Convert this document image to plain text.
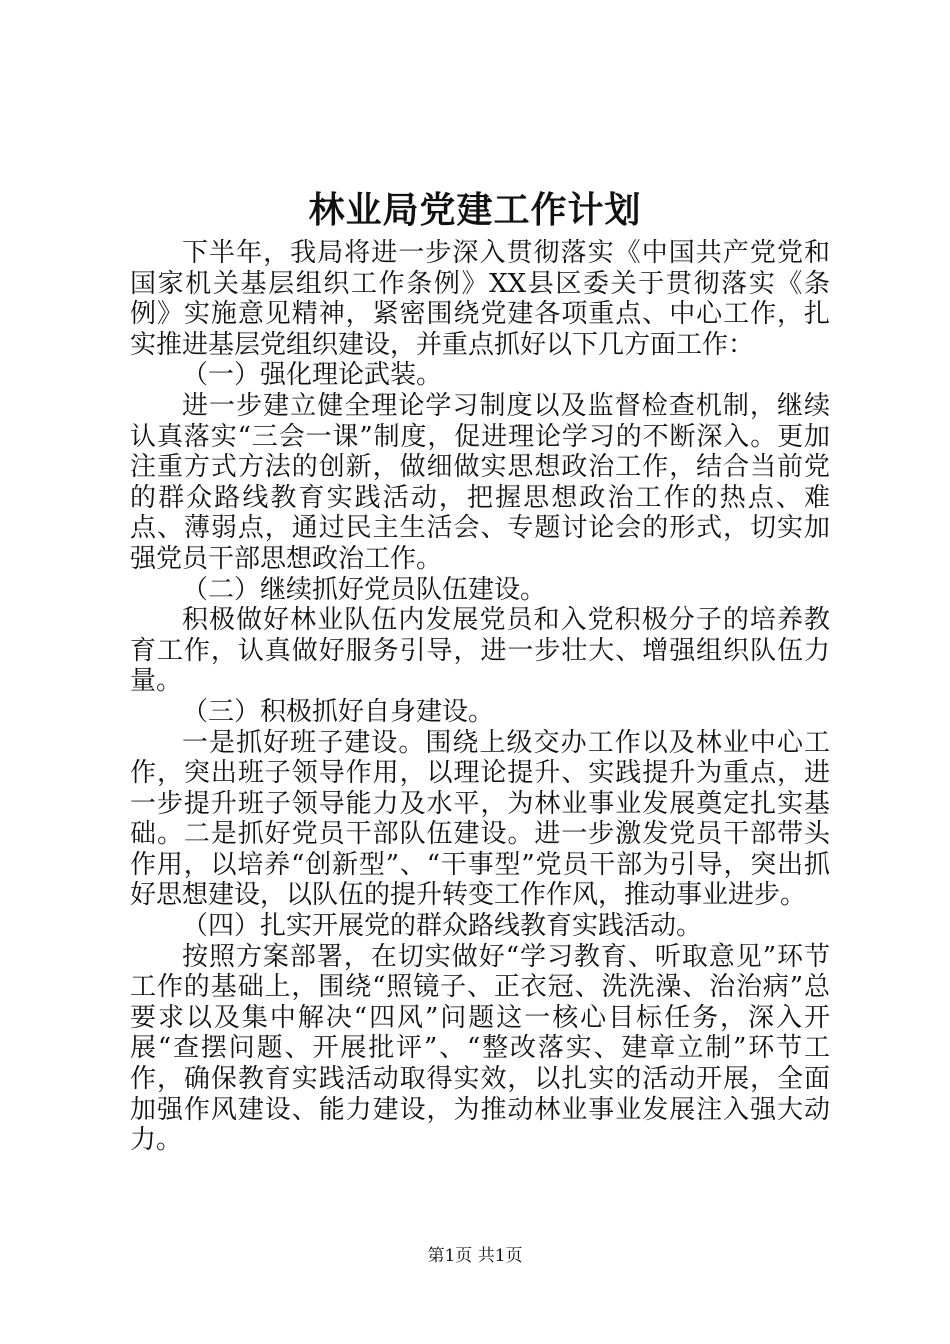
林业局党建工作计划

下半年，我局将进一步深入贯彻落实《中国共产党党和国家机关基层组织工作条例》XX县区委关于贯彻落实《条例》实施意见精神，紧密围绕党建各项重点、中心工作，扎实推进基层党组织建设，并重点抓好以下几方面工作：

（一）强化理论武装。

进一步建立健全理论学习制度以及监督检查机制，继续认真落实“三会一课”制度，促进理论学习的不断深入。更加注重方式方法的创新，做细做实思想政治工作，结合当前党的群众路线教育实践活动，把握思想政治工作的热点、难点、薄弱点，通过民主生活会、专题讨论会的形式，切实加强党员干部思想政治工作。

（二）继续抓好党员队伍建设。

积极做好林业队伍内发展党员和入党积极分子的培养教育工作，认真做好服务引导，进一步壮大、增强组织队伍力量。

（三）积极抓好自身建设。

一是抓好班子建设。围绕上级交办工作以及林业中心工作，突出班子领导作用，以理论提升、实践提升为重点，进一步提升班子领导能力及水平，为林业事业发展奠定扎实基础。二是抓好党员干部队伍建设。进一步激发党员干部带头作用，以培养“创新型”、“干事型”党员干部为引导，突出抓好思想建设，以队伍的提升转变工作作风，推动事业进步。

（四）扎实开展党的群众路线教育实践活动。

按照方案部署，在切实做好“学习教育、听取意见”环节工作的基础上，围绕“照镜子、正衣冠、洗洗澡、治治病”总要求以及集中解决“四风”问题这一核心目标任务，深入开展“查摆问题、开展批评”、“整改落实、建章立制”环节工作，确保教育实践活动取得实效，以扎实的活动开展，全面加强作风建设、能力建设，为推动林业事业发展注入强大动力。

第1页 共1页
